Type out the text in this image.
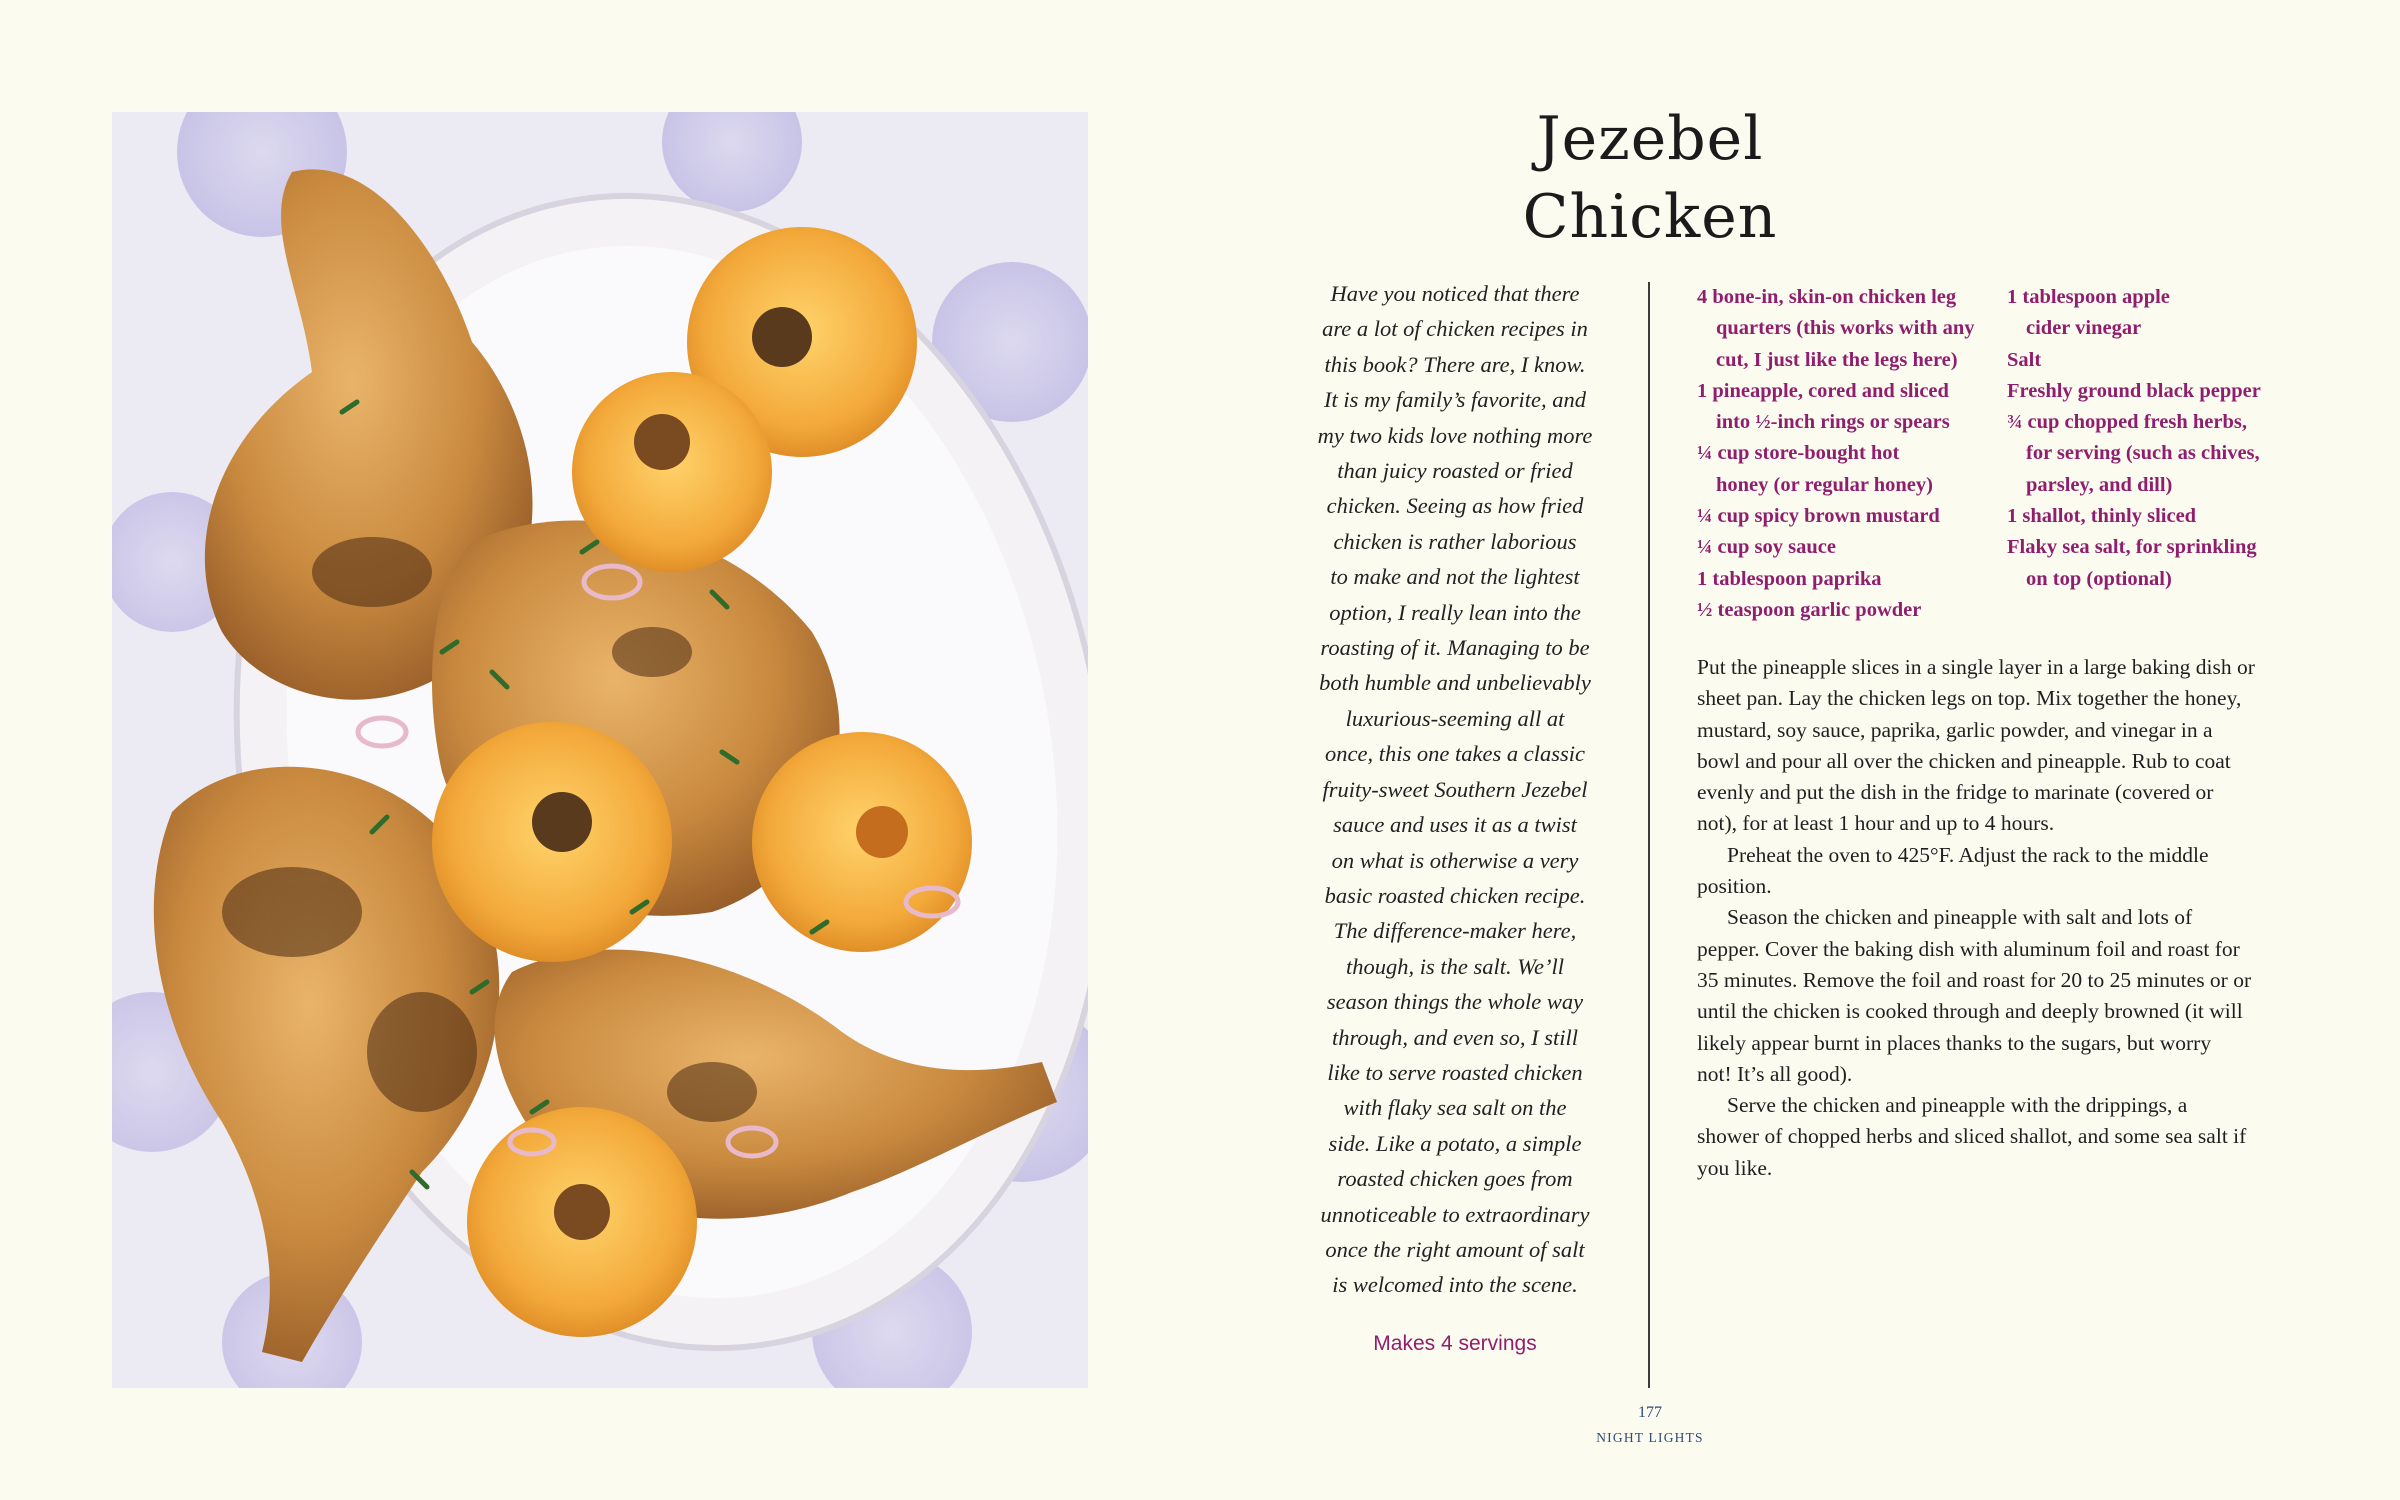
Jezebel
Chicken

Have you noticed that there

are a lot of chicken recipes in

this book? There are, I know.

It is my family’s favorite, and

my two kids love nothing more

than juicy roasted or fried

chicken. Seeing as how fried

chicken is rather laborious

to make and not the lightest

option, I really lean into the

roasting of it. Managing to be

both humble and unbelievably

luxurious-seeming all at

once, this one takes a classic

fruity-sweet Southern Jezebel

sauce and uses it as a twist

on what is otherwise a very

basic roasted chicken recipe.

The difference-maker here,

though, is the salt. We’ll

season things the whole way

through, and even so, I still

like to serve roasted chicken

with flaky sea salt on the

side. Like a potato, a simple

roasted chicken goes from

unnoticeable to extraordinary

once the right amount of salt

is welcomed into the scene.

Makes 4 servings
4 bone-in, skin-on chicken leg
quarters (this works with any
cut, I just like the legs here)
1 pineapple, cored and sliced
into ½-inch rings or spears
¼ cup store-bought hot
honey (or regular honey)
¼ cup spicy brown mustard
¼ cup soy sauce
1 tablespoon paprika
½ teaspoon garlic powder
1 tablespoon apple
cider vinegar
Salt
Freshly ground black pepper
¾ cup chopped fresh herbs,
for serving (such as chives,
parsley, and dill)
1 shallot, thinly sliced
Flaky sea salt, for sprinkling
on top (optional)

Put the pineapple slices in a single layer in a large baking dish or

sheet pan. Lay the chicken legs on top. Mix together the honey,

mustard, soy sauce, paprika, garlic powder, and vinegar in a

bowl and pour all over the chicken and pineapple. Rub to coat

evenly and put the dish in the fridge to marinate (covered or

not), for at least 1 hour and up to 4 hours.

Preheat the oven to 425°F. Adjust the rack to the middle

position.

Season the chicken and pineapple with salt and lots of

pepper. Cover the baking dish with aluminum foil and roast for

35 minutes. Remove the foil and roast for 20 to 25 minutes or or

until the chicken is cooked through and deeply browned (it will

likely appear burnt in places thanks to the sugars, but worry

not! It’s all good).

Serve the chicken and pineapple with the drippings, a

shower of chopped herbs and sliced shallot, and some sea salt if

you like.

177
NIGHT LIGHTS
